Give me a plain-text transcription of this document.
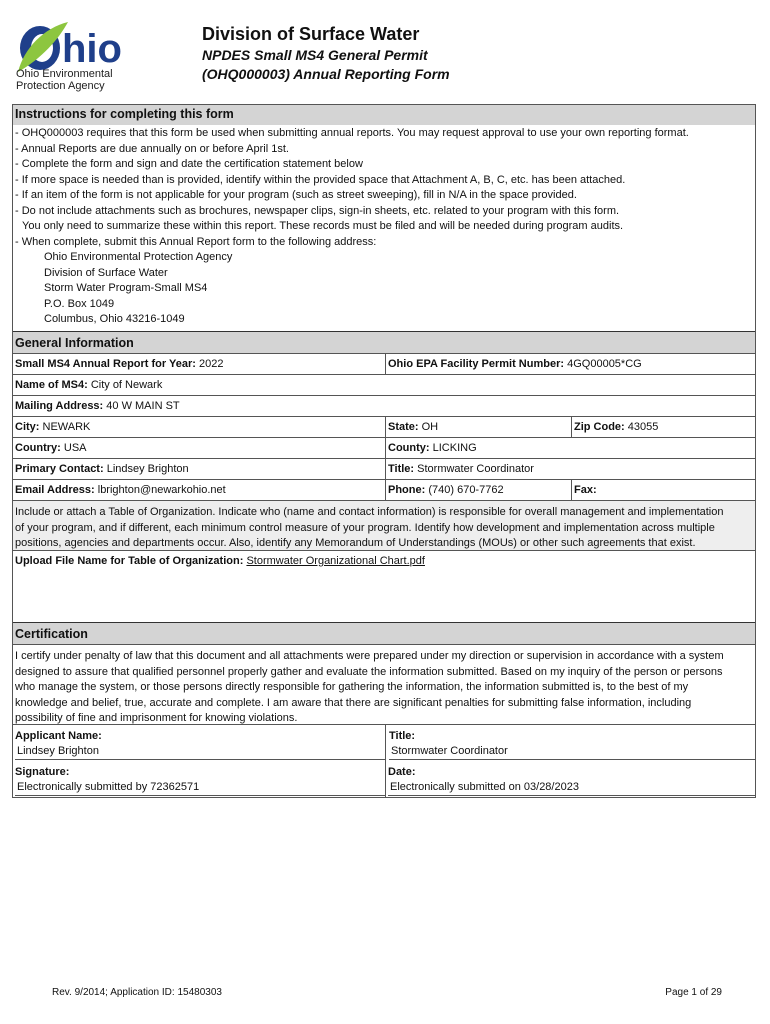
hio
Ohio Environmental
Protection Agency
Division of Surface Water
NPDES Small MS4 General Permit
(OHQ000003) Annual Reporting Form
Instructions for completing this form
- OHQ000003 requires that this form be used when submitting annual reports. You may request approval to use your own reporting format.
- Annual Reports are due annually on or before April 1st.
- Complete the form and sign and date the certification statement below
- If more space is needed than is provided, identify within the provided space that Attachment A, B, C, etc. has been attached.
- If an item of the form is not applicable for your program (such as street sweeping), fill in N/A in the space provided.
- Do not include attachments such as brochures, newspaper clips, sign-in sheets, etc. related to your program with this form.
You only need to summarize these within this report. These records must be filed and will be needed during program audits.
- When complete, submit this Annual Report form to the following address:
Ohio Environmental Protection Agency
Division of Surface Water
Storm Water Program-Small MS4
P.O. Box 1049
Columbus, Ohio 43216-1049
General Information
Small MS4 Annual Report for Year: 2022	Ohio EPA Facility Permit Number: 4GQ00005*CG
Name of MS4: City of Newark
Mailing Address: 40 W MAIN ST
City: NEWARK	State: OH	Zip Code: 43055
Country: USA	County: LICKING
Primary Contact: Lindsey Brighton	Title: Stormwater Coordinator
Email Address: lbrighton@newarkohio.net	Phone: (740) 670-7762	Fax:
Include or attach a Table of Organization. Indicate who (name and contact information) is responsible for overall management and implementation
of your program, and if different, each minimum control measure of your program. Identify how development and implementation across multiple
positions, agencies and departments occur. Also, identify any Memorandum of Understandings (MOUs) or other such agreements that exist.
Upload File Name for Table of Organization: Stormwater Organizational Chart.pdf
Certification
I certify under penalty of law that this document and all attachments were prepared under my direction or supervision in accordance with a system
designed to assure that qualified personnel properly gather and evaluate the information submitted. Based on my inquiry of the person or persons
who manage the system, or those persons directly responsible for gathering the information, the information submitted is, to the best of my
knowledge and belief, true, accurate and complete. I am aware that there are significant penalties for submitting false information, including
possibility of fine and imprisonment for knowing violations.
Applicant Name:
Lindsey Brighton
Title:
Stormwater Coordinator
Signature:
Electronically submitted by 72362571
Date:
Electronically submitted on 03/28/2023
Rev. 9/2014; Application ID: 15480303	Page 1 of 29
